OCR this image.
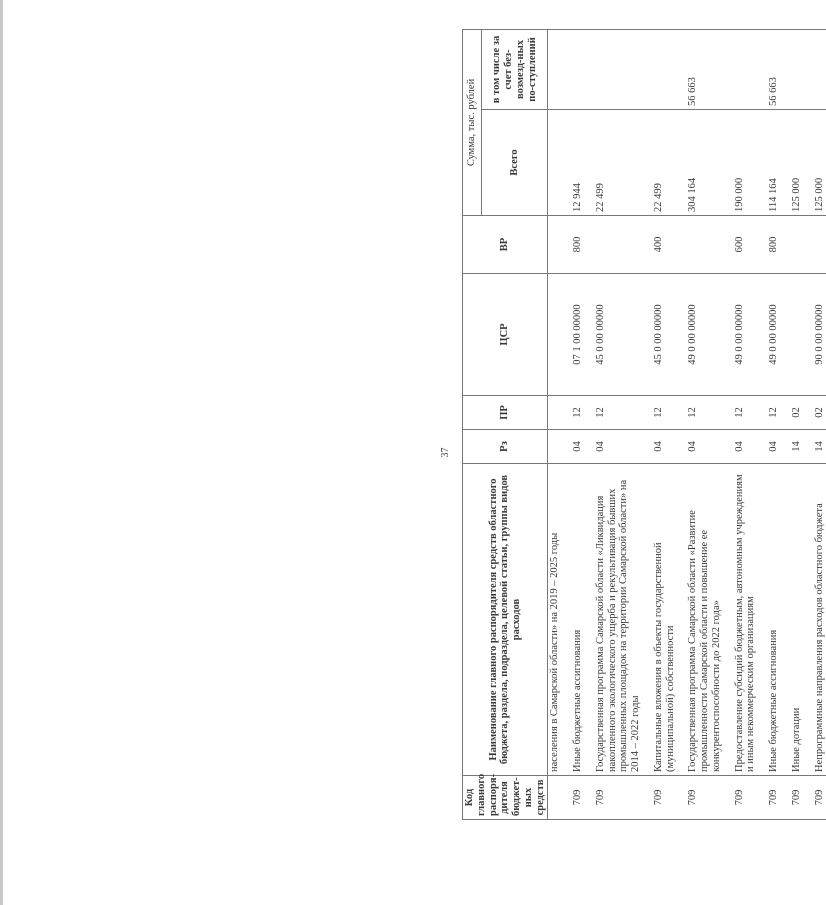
37
Код главного распоря-дителя бюджет-ных средств	Наименование главного распорядителя средств областного бюджета, раздела, подраздела, целевой статьи, группы видов расходов	Рз	ПР	ЦСР	ВР	Сумма, тыс. рублей	
						Всего	в том числе за счет без-возмезд-ных по-ступлений
	населения в Самарской области» на 2019 – 2025 годы						

709	Иные бюджетные ассигнования	04	12	07 1 00 00000	800	12 944	

709	Государственная программа Самарской области «Ликвидация накопленного экологического ущерба и рекультивация бывших промышленных площадок на территории Самарской области» на 2014 – 2022 годы	04	12	45 0 00 00000		22 499	

709	Капитальные вложения в объекты государственной (муниципальной) собственности	04	12	45 0 00 00000	400	22 499	

709	Государственная программа Самарской области «Развитие промышленности Самарской области и повышение ее конкурентоспособности до 2022 года»	04	12	49 0 00 00000		304 164	56 663

709	Предоставление субсидий бюджетным, автономным учреждениям и иным некоммерческим организациям	04	12	49 0 00 00000	600	190 000	

709	Иные бюджетные ассигнования	04	12	49 0 00 00000	800	114 164	56 663

709	Иные дотации	14	02			125 000	

709	Непрограммные направления расходов областного бюджета	14	02	90 0 00 00000		125 000	
